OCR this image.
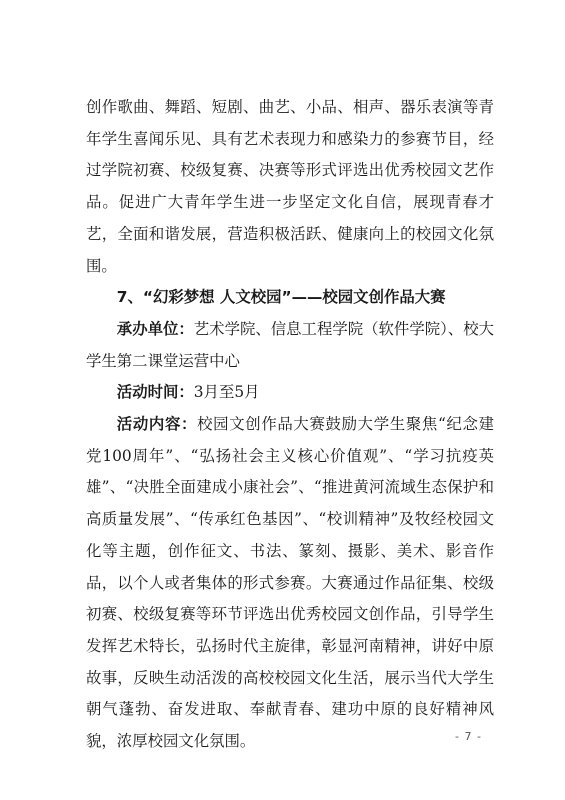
创作歌曲、舞蹈、短剧、曲艺、小品、相声、器乐表演等青年学生喜闻乐见、具有艺术表现力和感染力的参赛节目，经过学院初赛、校级复赛、决赛等形式评选出优秀校园文艺作品。促进广大青年学生进一步坚定文化自信，展现青春才艺，全面和谐发展，营造积极活跃、健康向上的校园文化氛围。

7、“幻彩梦想 人文校园”——校园文创作品大赛

承办单位：艺术学院、信息工程学院（软件学院）、校大学生第二课堂运营中心

活动时间：3月至5月

活动内容：校园文创作品大赛鼓励大学生聚焦“纪念建党100周年”、“弘扬社会主义核心价值观”、“学习抗疫英雄”、“决胜全面建成小康社会”、“推进黄河流域生态保护和高质量发展”、“传承红色基因”、“校训精神”及牧经校园文化等主题，创作征文、书法、篆刻、摄影、美术、影音作品，以个人或者集体的形式参赛。大赛通过作品征集、校级初赛、校级复赛等环节评选出优秀校园文创作品，引导学生发挥艺术特长，弘扬时代主旋律，彰显河南精神，讲好中原故事，反映生动活泼的高校校园文化生活，展示当代大学生朝气蓬勃、奋发进取、奉献青春、建功中原的良好精神风貌，浓厚校园文化氛围。	- 7 -
